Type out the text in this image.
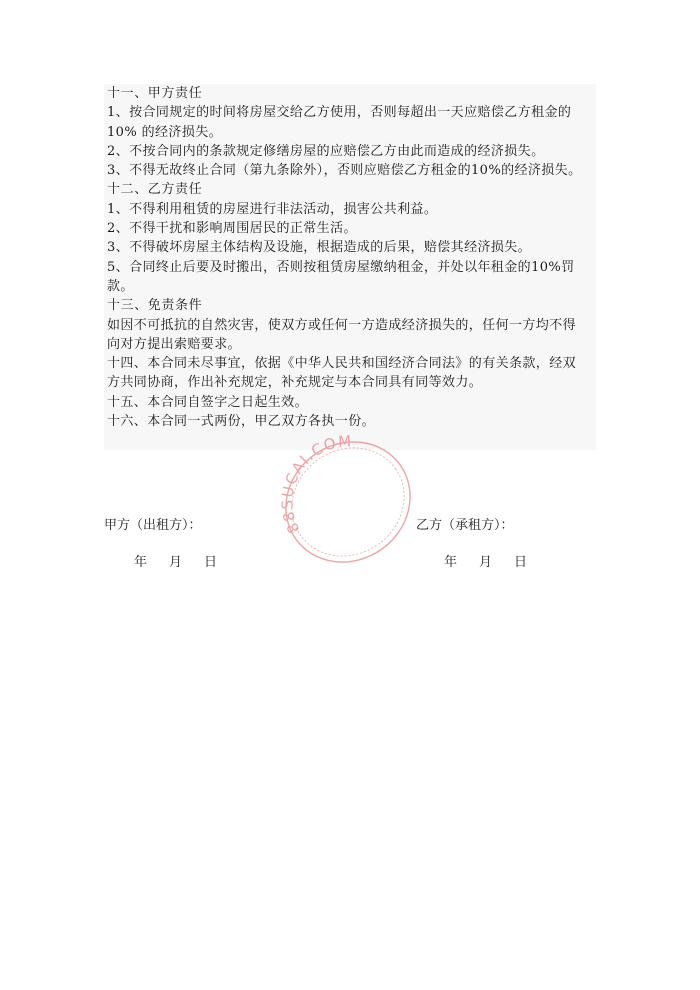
十一、甲方责任
1、按合同规定的时间将房屋交给乙方使用，否则每超出一天应赔偿乙方租金的
10% 的经济损失。
2、不按合同内的条款规定修缮房屋的应赔偿乙方由此而造成的经济损失。
3、不得无故终止合同（第九条除外），否则应赔偿乙方租金的10%的经济损失。
十二、乙方责任
1、不得利用租赁的房屋进行非法活动，损害公共利益。
2、不得干扰和影响周围居民的正常生活。
3、不得破坏房屋主体结构及设施，根据造成的后果，赔偿其经济损失。
5、合同终止后要及时搬出，否则按租赁房屋缴纳租金，并处以年租金的10%罚
款。
十三、免责条件
如因不可抵抗的自然灾害，使双方或任何一方造成经济损失的，任何一方均不得
向对方提出索赔要求。
十四、本合同未尽事宜，依据《中华人民共和国经济合同法》的有关条款，经双
方共同协商，作出补充规定，补充规定与本合同具有同等效力。
十五、本合同自签字之日起生效。
十六、本合同一式两份，甲乙双方各执一份。
88SUCAI.COM
甲方（出租方）：	乙方（承租方）：
年 月 日	年 月 日
